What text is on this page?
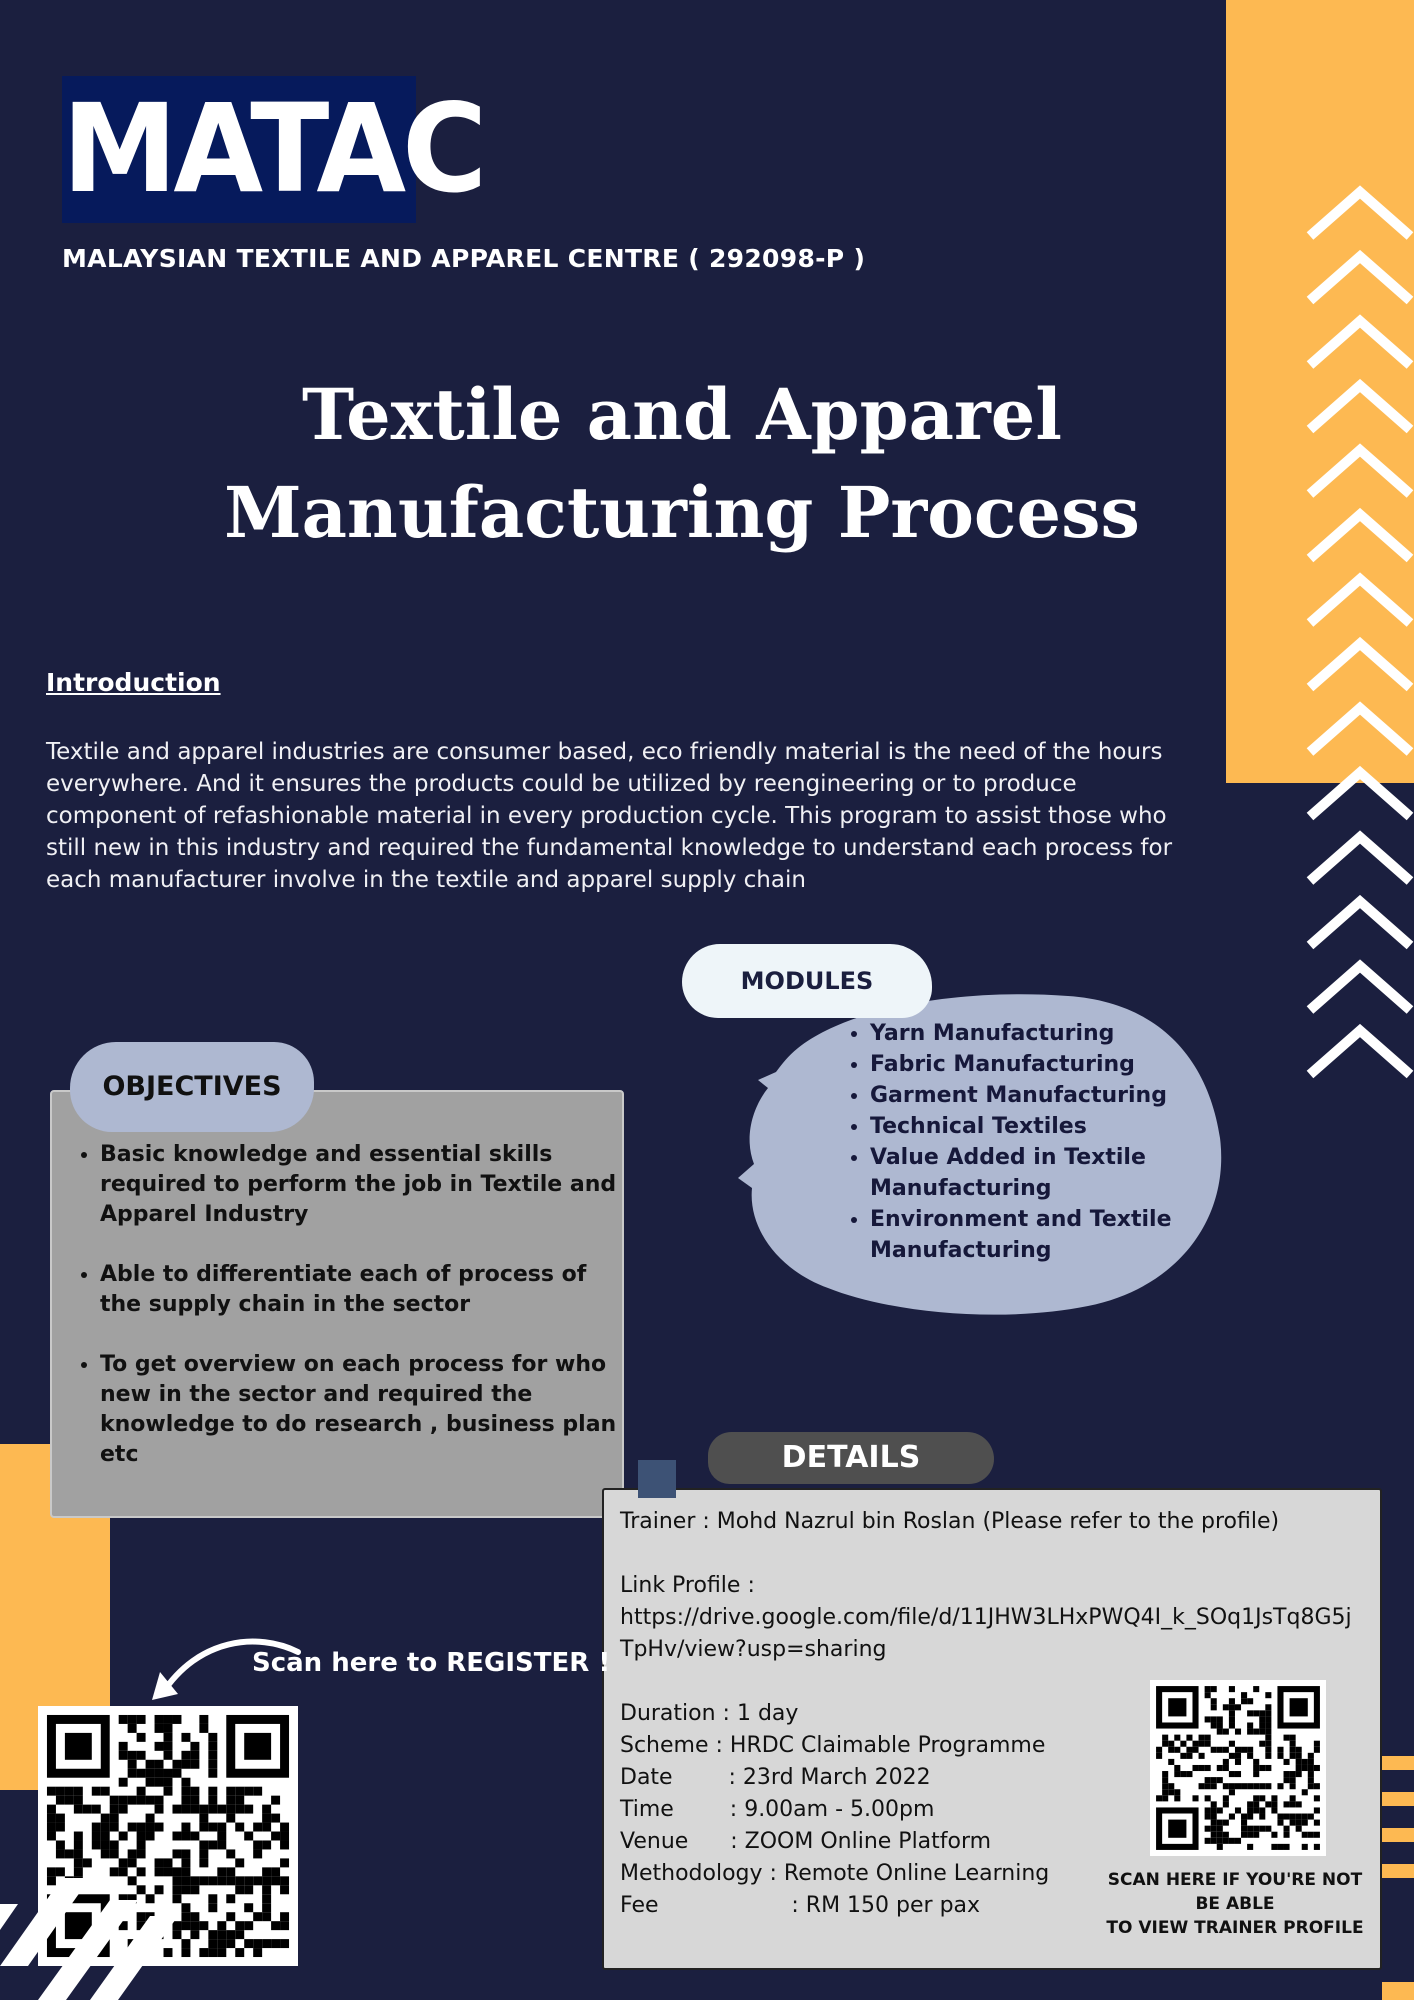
MATAC
MALAYSIAN TEXTILE AND APPAREL CENTRE ( 292098-P )
Textile and Apparel
Manufacturing Process
Introduction
Textile and apparel industries are consumer based, eco friendly material is the need of the hours everywhere. And it ensures the products could be utilized by reengineering or to produce component of refashionable material in every production cycle. This program to assist those who still new in this industry and required the fundamental knowledge to understand each process for each manufacturer involve in the textile and apparel supply chain
MODULES
• Yarn Manufacturing
• Fabric Manufacturing
• Garment Manufacturing
• Technical Textiles
• Value Added in Textile Manufacturing
• Environment and Textile Manufacturing
OBJECTIVES
• Basic knowledge and essential skills required to perform the job in Textile and Apparel Industry
• Able to differentiate each of process of the supply chain in the sector
• To get overview on each process for who new in the sector and required the knowledge to do research , business plan etc	DETAILS
Trainer : Mohd Nazrul bin Roslan (Please refer to the profile)

Link Profile :
https://drive.google.com/file/d/11JHW3LHxPWQ4I_k_SOq1JsTq8G5j
TpHv/view?usp=sharing

Duration : 1 day
Scheme : HRDC Claimable Programme
Date        : 23rd March 2022
Time        : 9.00am - 5.00pm
Venue      : ZOOM Online Platform
Methodology : Remote Online Learning
Fee                   : RM 150 per pax
SCAN HERE IF YOU'RE NOT
BE ABLE
TO VIEW TRAINER PROFILE
Scan here to REGISTER !
